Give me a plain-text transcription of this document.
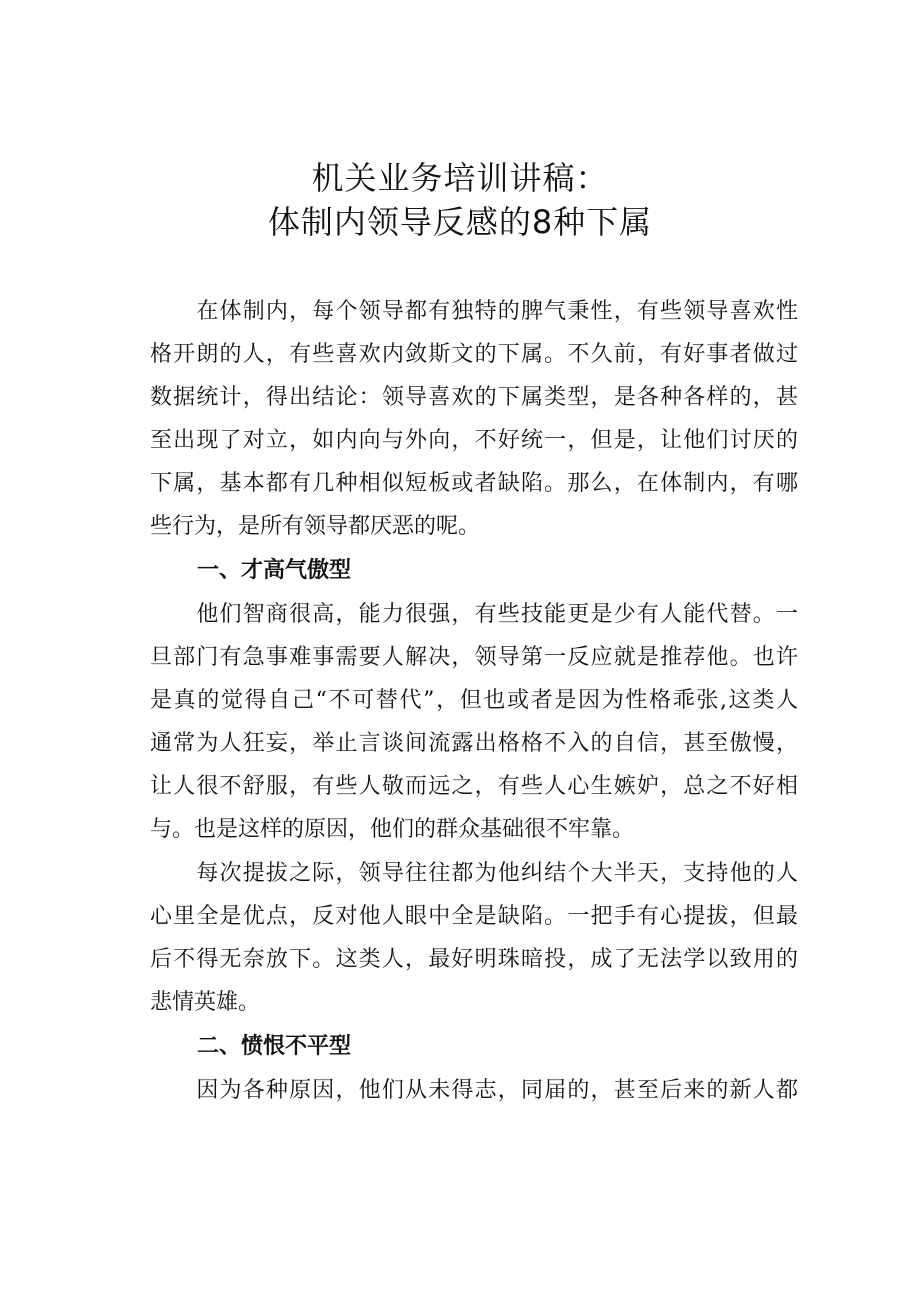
机关业务培训讲稿：
体制内领导反感的8种下属

　　在体制内，每个领导都有独特的脾气秉性，有些领导喜欢性

格开朗的人，有些喜欢内敛斯文的下属。不久前，有好事者做过

数据统计，得出结论：领导喜欢的下属类型，是各种各样的，甚

至出现了对立，如内向与外向，不好统一，但是，让他们讨厌的

下属，基本都有几种相似短板或者缺陷。那么，在体制内，有哪

些行为，是所有领导都厌恶的呢。

一、才高气傲型

　　他们智商很高，能力很强，有些技能更是少有人能代替。一

旦部门有急事难事需要人解决，领导第一反应就是推荐他。也许

是真的觉得自己“不可替代”，但也或者是因为性格乖张,这类人

通常为人狂妄，举止言谈间流露出格格不入的自信，甚至傲慢，

让人很不舒服，有些人敬而远之，有些人心生嫉妒，总之不好相

与。也是这样的原因，他们的群众基础很不牢靠。

　　每次提拔之际，领导往往都为他纠结个大半天，支持他的人

心里全是优点，反对他人眼中全是缺陷。一把手有心提拔，但最

后不得无奈放下。这类人，最好明珠暗投，成了无法学以致用的

悲情英雄。

二、愤恨不平型

　　因为各种原因，他们从未得志，同届的，甚至后来的新人都
